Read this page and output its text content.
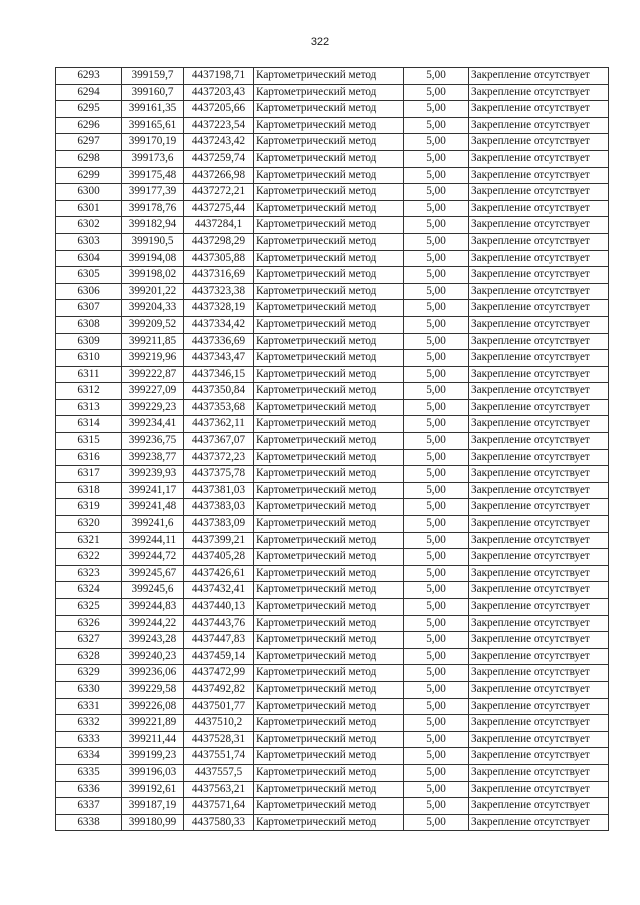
322
6293	399159,7	4437198,71	Картометрический метод	5,00	Закрепление отсутствует
6294	399160,7	4437203,43	Картометрический метод	5,00	Закрепление отсутствует
6295	399161,35	4437205,66	Картометрический метод	5,00	Закрепление отсутствует
6296	399165,61	4437223,54	Картометрический метод	5,00	Закрепление отсутствует
6297	399170,19	4437243,42	Картометрический метод	5,00	Закрепление отсутствует
6298	399173,6	4437259,74	Картометрический метод	5,00	Закрепление отсутствует
6299	399175,48	4437266,98	Картометрический метод	5,00	Закрепление отсутствует
6300	399177,39	4437272,21	Картометрический метод	5,00	Закрепление отсутствует
6301	399178,76	4437275,44	Картометрический метод	5,00	Закрепление отсутствует
6302	399182,94	4437284,1	Картометрический метод	5,00	Закрепление отсутствует
6303	399190,5	4437298,29	Картометрический метод	5,00	Закрепление отсутствует
6304	399194,08	4437305,88	Картометрический метод	5,00	Закрепление отсутствует
6305	399198,02	4437316,69	Картометрический метод	5,00	Закрепление отсутствует
6306	399201,22	4437323,38	Картометрический метод	5,00	Закрепление отсутствует
6307	399204,33	4437328,19	Картометрический метод	5,00	Закрепление отсутствует
6308	399209,52	4437334,42	Картометрический метод	5,00	Закрепление отсутствует
6309	399211,85	4437336,69	Картометрический метод	5,00	Закрепление отсутствует
6310	399219,96	4437343,47	Картометрический метод	5,00	Закрепление отсутствует
6311	399222,87	4437346,15	Картометрический метод	5,00	Закрепление отсутствует
6312	399227,09	4437350,84	Картометрический метод	5,00	Закрепление отсутствует
6313	399229,23	4437353,68	Картометрический метод	5,00	Закрепление отсутствует
6314	399234,41	4437362,11	Картометрический метод	5,00	Закрепление отсутствует
6315	399236,75	4437367,07	Картометрический метод	5,00	Закрепление отсутствует
6316	399238,77	4437372,23	Картометрический метод	5,00	Закрепление отсутствует
6317	399239,93	4437375,78	Картометрический метод	5,00	Закрепление отсутствует
6318	399241,17	4437381,03	Картометрический метод	5,00	Закрепление отсутствует
6319	399241,48	4437383,03	Картометрический метод	5,00	Закрепление отсутствует
6320	399241,6	4437383,09	Картометрический метод	5,00	Закрепление отсутствует
6321	399244,11	4437399,21	Картометрический метод	5,00	Закрепление отсутствует
6322	399244,72	4437405,28	Картометрический метод	5,00	Закрепление отсутствует
6323	399245,67	4437426,61	Картометрический метод	5,00	Закрепление отсутствует
6324	399245,6	4437432,41	Картометрический метод	5,00	Закрепление отсутствует
6325	399244,83	4437440,13	Картометрический метод	5,00	Закрепление отсутствует
6326	399244,22	4437443,76	Картометрический метод	5,00	Закрепление отсутствует
6327	399243,28	4437447,83	Картометрический метод	5,00	Закрепление отсутствует
6328	399240,23	4437459,14	Картометрический метод	5,00	Закрепление отсутствует
6329	399236,06	4437472,99	Картометрический метод	5,00	Закрепление отсутствует
6330	399229,58	4437492,82	Картометрический метод	5,00	Закрепление отсутствует
6331	399226,08	4437501,77	Картометрический метод	5,00	Закрепление отсутствует
6332	399221,89	4437510,2	Картометрический метод	5,00	Закрепление отсутствует
6333	399211,44	4437528,31	Картометрический метод	5,00	Закрепление отсутствует
6334	399199,23	4437551,74	Картометрический метод	5,00	Закрепление отсутствует
6335	399196,03	4437557,5	Картометрический метод	5,00	Закрепление отсутствует
6336	399192,61	4437563,21	Картометрический метод	5,00	Закрепление отсутствует
6337	399187,19	4437571,64	Картометрический метод	5,00	Закрепление отсутствует
6338	399180,99	4437580,33	Картометрический метод	5,00	Закрепление отсутствует
